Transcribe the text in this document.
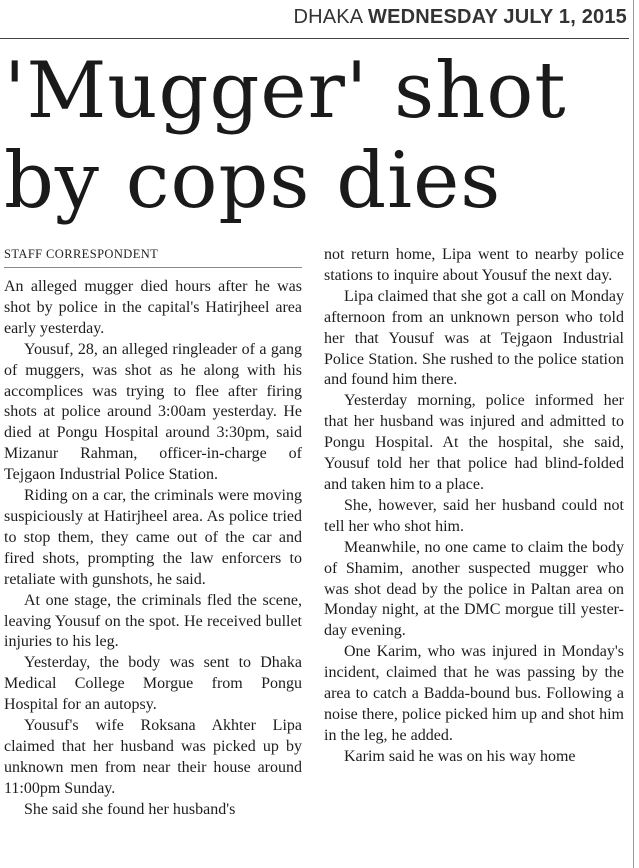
DHAKA WEDNESDAY JULY 1, 2015
'Mugger' shot
by cops dies
STAFF CORRESPONDENT

An alleged mugger died hours after he was shot by police in the capital's Hatirjheel area early yesterday.

Yousuf, 28, an alleged ringleader of a gang of muggers, was shot as he along with his accomplices was trying to flee after firing shots at police around 3:00am yesterday. He died at Pongu Hospital around 3:30pm, said Mizanur Rahman, officer-in-charge of Tejgaon Industrial Police Station.

Riding on a car, the criminals were moving suspiciously at Hatirjheel area. As police tried to stop them, they came out of the car and fired shots, prompting the law enforcers to retaliate with gunshots, he said.

At one stage, the criminals fled the scene, leaving Yousuf on the spot. He received bullet injuries to his leg.

Yesterday, the body was sent to Dhaka Medical College Morgue from Pongu Hospital for an autopsy.

Yousuf's wife Roksana Akhter Lipa claimed that her husband was picked up by unknown men from near their house around 11:00pm Sunday.

She said she found her husband's

not return home, Lipa went to nearby police stations to inquire about Yousuf the next day.

Lipa claimed that she got a call on Monday afternoon from an unknown person who told her that Yousuf was at Tejgaon Industrial Police Station. She rushed to the police station and found him there.

Yesterday morning, police informed her that her husband was injured and admitted to Pongu Hospital. At the hospital, she said, Yousuf told her that police had blind-folded and taken him to a place.

She, however, said her husband could not tell her who shot him.

Meanwhile, no one came to claim the body of Shamim, another suspected mugger who was shot dead by the police in Paltan area on Monday night, at the DMC morgue till yester-day evening.

One Karim, who was injured in Monday's incident, claimed that he was passing by the area to catch a Badda-bound bus. Following a noise there, police picked him up and shot him in the leg, he added.

Karim said he was on his way home
